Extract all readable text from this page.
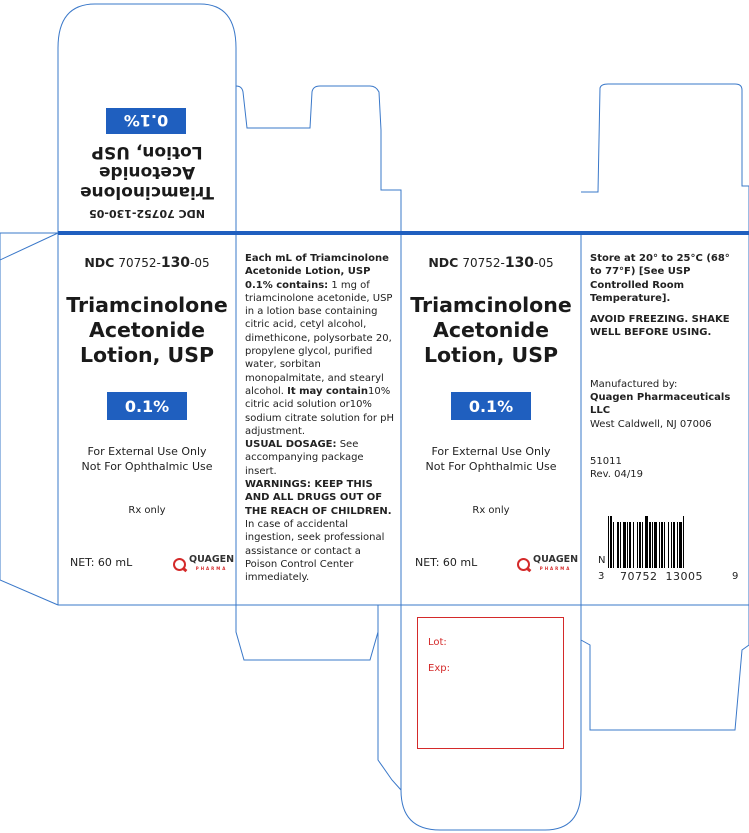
NDC 70752-130-05
Triamcinolone
Acetonide
Lotion, USP
0.1%
NDC 70752-130-05
Triamcinolone
Acetonide
Lotion, USP
0.1%
For External Use Only
Not For Ophthalmic Use
Rx only
NET: 60 mL	QUAGEN
PHARMA
Each mL of Triamcinolone Acetonide Lotion, USP 0.1% contains: 1 mg of triamcinolone acetonide, USP in a lotion base containing citric acid, cetyl alcohol, dimethicone, polysorbate 20, propylene glycol, purified water, sorbitan monopalmitate, and stearyl alcohol. It may contain10% citric acid solution or10% sodium citrate solution for pH adjustment.
USUAL DOSAGE: See accompanying package insert.
WARNINGS: KEEP THIS AND ALL DRUGS OUT OF THE REACH OF CHILDREN. In case of accidental ingestion, seek professional assistance or contact a Poison Control Center immediately.
NDC 70752-130-05
Triamcinolone
Acetonide
Lotion, USP
0.1%
For External Use Only
Not For Ophthalmic Use
Rx only
NET: 60 mL	QUAGEN
PHARMA
Store at 20° to 25°C (68° to 77°F) [See USP Controlled Room Temperature].
AVOID FREEZING. SHAKE WELL BEFORE USING.
Manufactured by:
Quagen Pharmaceuticals LLC
West Caldwell, NJ 07006
51011
Rev. 04/19
N
3 70752  13005	9
Lot:
Exp:
